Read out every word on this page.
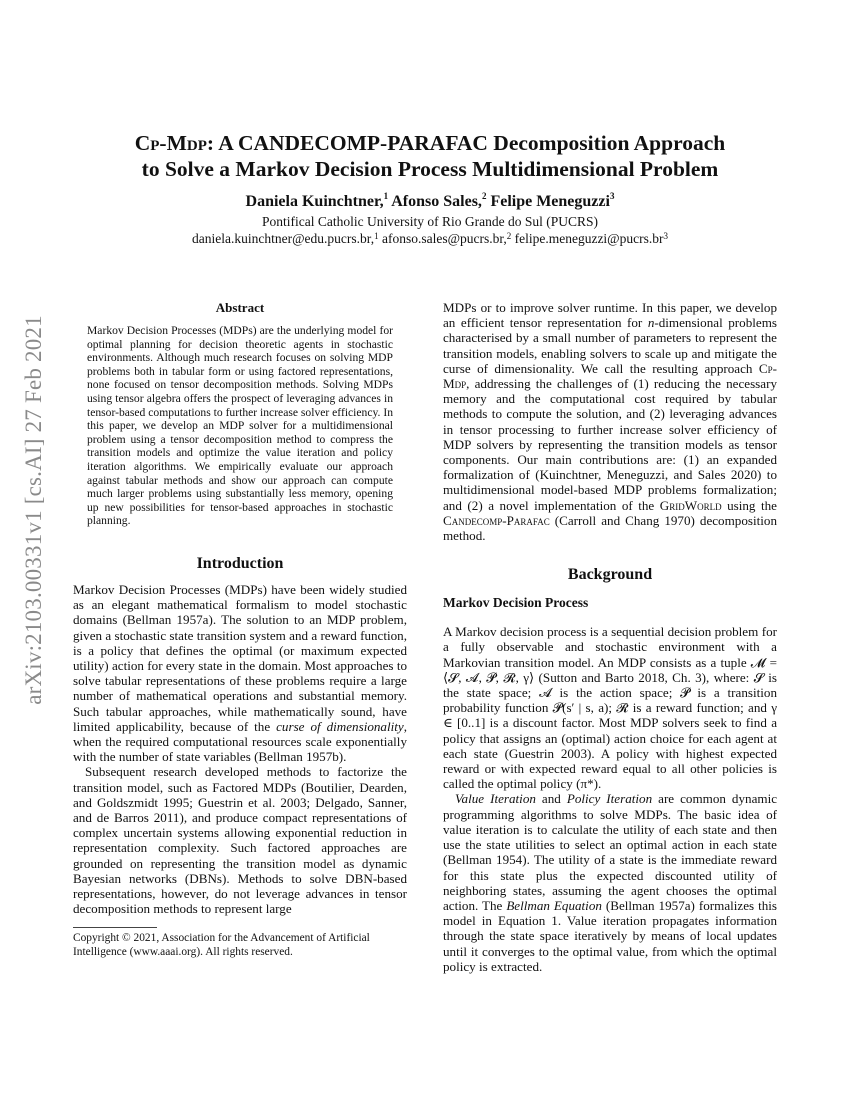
arXiv:2103.00331v1 [cs.AI] 27 Feb 2021
Cp-Mdp: A CANDECOMP-PARAFAC Decomposition Approach
to Solve a Markov Decision Process Multidimensional Problem
Daniela Kuinchtner,$^1$ Afonso Sales,$^2$ Felipe Meneguzzi$^3$
Pontifical Catholic University of Rio Grande do Sul (PUCRS)
daniela.kuinchtner@edu.pucrs.br,$^1$ afonso.sales@pucrs.br,$^2$ $felipe.meneguzzi@pucrs.br^3$

Abstract

Markov Decision Processes (MDPs) are the underlying model for optimal planning for decision theoretic agents in stochastic environments. Although much research focuses on solving MDP problems both in tabular form or using factored representations, none focused on tensor decomposition methods. Solving MDPs using tensor algebra offers the prospect of leveraging advances in tensor-based computations to further increase solver efficiency. In this paper, we develop an MDP solver for a multidimensional problem using a tensor decomposition method to compress the transition models and optimize the value iteration and policy iteration algorithms. We empirically evaluate our approach against tabular methods and show our approach can compute much larger problems using substantially less memory, opening up new possibilities for tensor-based approaches in stochastic planning.

Introduction

Markov Decision Processes (MDPs) have been widely studied as an elegant mathematical formalism to model stochastic domains (Bellman 1957a). The solution to an MDP problem, given a stochastic state transition system and a reward function, is a policy that defines the optimal (or maximum expected utility) action for every state in the domain. Most approaches to solve tabular representations of these problems require a large number of mathematical operations and substantial memory. Such tabular approaches, while mathematically sound, have limited applicability, because of the curse of dimensionality, when the required computational resources scale exponentially with the number of state variables (Bellman 1957b).

Subsequent research developed methods to factorize the transition model, such as Factored MDPs (Boutilier, Dearden, and Goldszmidt 1995; Guestrin et al. 2003; Delgado, Sanner, and de Barros 2011), and produce compact representations of complex uncertain systems allowing exponential reduction in representation complexity. Such factored approaches are grounded on representing the transition model as dynamic Bayesian networks (DBNs). Methods to solve DBN-based representations, however, do not leverage advances in tensor decomposition methods to represent large

Copyright © 2021, Association for the Advancement of Artificial Intelligence (www.aaai.org). All rights reserved.

MDPs or to improve solver runtime. In this paper, we develop an efficient tensor representation for n-dimensional problems characterised by a small number of parameters to represent the transition models, enabling solvers to scale up and mitigate the curse of dimensionality. We call the resulting approach Cp-Mdp, addressing the challenges of (1) reducing the necessary memory and the computational cost required by tabular methods to compute the solution, and (2) leveraging advances in tensor processing to further increase solver efficiency of MDP solvers by representing the transition models as tensor components. Our main contributions are: (1) an expanded formalization of (Kuinchtner, Meneguzzi, and Sales 2020) to multidimensional model-based MDP problems formalization; and (2) a novel implementation of the GridWorld using the Candecomp-Parafac (Carroll and Chang 1970) decomposition method.

Background

Markov Decision Process

A Markov decision process is a sequential decision problem for a fully observable and stochastic environment with a Markovian transition model. An MDP consists as a tuple 𝓜 = ⟨𝓢, 𝓐, 𝓟, 𝓡, γ⟩ (Sutton and Barto 2018, Ch. 3), where: 𝓢 is the state space; 𝓐 is the action space; 𝓟 is a transition probability function 𝓟(s′ | s, a); 𝓡 is a reward function; and γ ∈ [0..1] is a discount factor. Most MDP solvers seek to find a policy that assigns an (optimal) action choice for each agent at each state (Guestrin 2003). A policy with highest expected reward or with expected reward equal to all other policies is called the optimal policy (π*).

Value Iteration and Policy Iteration are common dynamic programming algorithms to solve MDPs. The basic idea of value iteration is to calculate the utility of each state and then use the state utilities to select an optimal action in each state (Bellman 1954). The utility of a state is the immediate reward for this state plus the expected discounted utility of neighboring states, assuming the agent chooses the optimal action. The Bellman Equation (Bellman 1957a) formalizes this model in Equation 1. Value iteration propagates information through the state space iteratively by means of local updates until it converges to the optimal value, from which the optimal policy is extracted.
